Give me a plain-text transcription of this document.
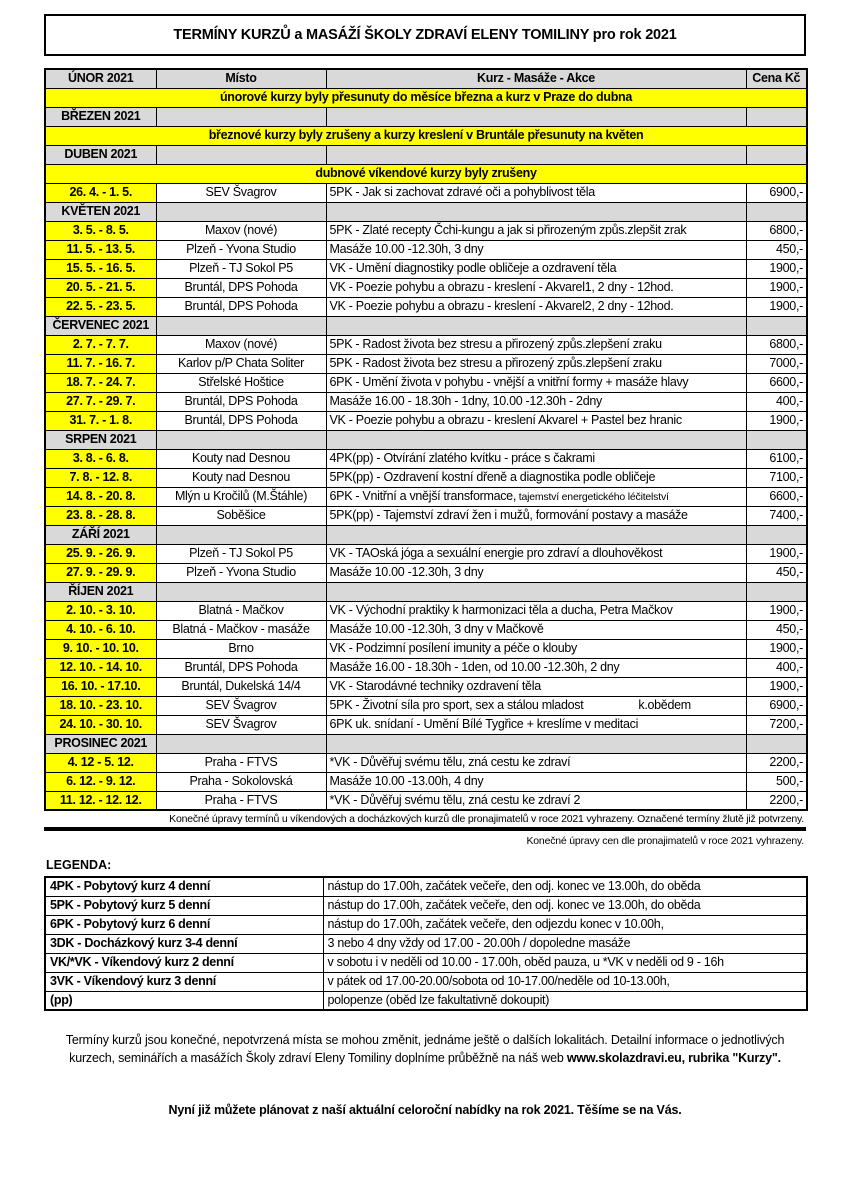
TERMÍNY KURZŮ a MASÁŽÍ ŠKOLY ZDRAVÍ ELENY TOMILINY pro rok 2021
ÚNOR 2021	Místo	Kurz - Masáže - Akce	Cena Kč
únorové kurzy byly přesunuty do měsíce března a kurz v Praze do dubna			
BŘEZEN 2021			
březnové kurzy byly zrušeny a kurzy kreslení v Bruntále přesunuty na květen			
DUBEN 2021			
dubnové víkendové kurzy byly zrušeny			
26. 4. - 1. 5.	SEV Švagrov	5PK - Jak si zachovat zdravé oči a pohyblivost těla	6900,-
KVĚTEN 2021			
3. 5. - 8. 5.	Maxov (nové)	5PK - Zlaté recepty Čchi-kungu a jak si přirozeným způs.zlepšit zrak	6800,-
11. 5. - 13. 5.	Plzeň - Yvona Studio	Masáže 10.00 -12.30h, 3 dny	450,-
15. 5. - 16. 5.	Plzeň - TJ Sokol P5	VK - Umění diagnostiky podle obličeje a ozdravení těla	1900,-
20. 5. - 21. 5.	Bruntál, DPS Pohoda	VK - Poezie pohybu a obrazu - kreslení - Akvarel1, 2 dny - 12hod.	1900,-
22. 5. - 23. 5.	Bruntál, DPS Pohoda	VK - Poezie pohybu a obrazu - kreslení - Akvarel2, 2 dny - 12hod.	1900,-
ČERVENEC 2021			
2. 7. - 7. 7.	Maxov (nové)	5PK - Radost života bez stresu a přirozený způs.zlepšení zraku	6800,-
11. 7. - 16. 7.	Karlov p/P Chata Soliter	5PK - Radost života bez stresu a přirozený způs.zlepšení zraku	7000,-
18. 7. - 24. 7.	Střelské Hoštice	6PK - Umění života v pohybu - vnější a vnitřní formy + masáže hlavy	6600,-
27. 7. - 29. 7.	Bruntál, DPS Pohoda	Masáže 16.00 - 18.30h - 1dny, 10.00 -12.30h - 2dny	400,-
31. 7. - 1. 8.	Bruntál, DPS Pohoda	VK - Poezie pohybu a obrazu - kreslení Akvarel + Pastel bez hranic	1900,-
SRPEN 2021			
3. 8. - 6. 8.	Kouty nad Desnou	4PK(pp) - Otvírání zlatého kvítku - práce s čakrami	6100,-
7. 8. - 12. 8.	Kouty nad Desnou	5PK(pp) - Ozdravení kostní dřeně a diagnostika podle obličeje	7100,-
14. 8. - 20. 8.	Mlýn u Kročilů (M.Štáhle)	6PK - Vnitřní a vnější transformace, tajemství energetického léčitelství	6600,-
23. 8. - 28. 8.	Soběšice	5PK(pp) - Tajemství zdraví žen i mužů, formování postavy a masáže	7400,-
ZÁŘÍ 2021			
25. 9. - 26. 9.	Plzeň - TJ Sokol P5	VK - TAOská jóga a sexuální energie pro zdraví a dlouhověkost	1900,-
27. 9. - 29. 9.	Plzeň - Yvona Studio	Masáže 10.00 -12.30h, 3 dny	450,-
ŘÍJEN 2021			
2. 10. - 3. 10.	Blatná - Mačkov	VK - Východní praktiky k harmonizaci těla a ducha, Petra Mačkov	1900,-
4. 10. - 6. 10.	Blatná - Mačkov - masáže	Masáže 10.00 -12.30h, 3 dny v Mačkově	450,-
9. 10. - 10. 10.	Brno	VK - Podzimní posílení imunity a péče o klouby	1900,-
12. 10. - 14. 10.	Bruntál, DPS Pohoda	Masáže 16.00 - 18.30h - 1den, od 10.00 -12.30h, 2 dny	400,-
16. 10. - 17.10.	Bruntál, Dukelská 14/4	VK - Starodávné techniky ozdravení těla	1900,-
18. 10. - 23. 10.	SEV Švagrov	5PK - Životní síla pro sport, sex a stálou mladost k.obědem	6900,-
24. 10. - 30. 10.	SEV Švagrov	6PK uk. snídaní - Umění Bílé Tygřice + kreslíme v meditaci	7200,-
PROSINEC 2021			
4. 12 - 5. 12.	Praha - FTVS	*VK - Důvěřuj svému tělu, zná cestu ke zdraví	2200,-
6. 12. - 9. 12.	Praha - Sokolovská	Masáže 10.00 -13.00h, 4 dny	500,-
11. 12. - 12. 12.	Praha - FTVS	*VK - Důvěřuj svému tělu, zná cestu ke zdraví 2	2200,-
Konečné úpravy termínů u víkendových a docházkových kurzů dle pronajimatelů v roce 2021 vyhrazeny. Označené termíny žlutě již potvrzeny.
Konečné úpravy cen dle pronajimatelů v roce 2021 vyhrazeny.
LEGENDA:
4PK - Pobytový kurz 4 denní	nástup do 17.00h, začátek večeře, den odj. konec ve 13.00h, do oběda
5PK - Pobytový kurz 5 denní	nástup do 17.00h, začátek večeře, den odj. konec ve 13.00h, do oběda
6PK - Pobytový kurz 6 denní	nástup do 17.00h, začátek večeře, den odjezdu konec v 10.00h,
3DK - Docházkový kurz 3-4 denní	3 nebo 4 dny vždy od 17.00 - 20.00h / dopoledne masáže
VK/*VK - Víkendový kurz 2 denní	v sobotu i v neděli od 10.00 - 17.00h, oběd pauza, u *VK v neděli od 9 - 16h
3VK - Víkendový kurz 3 denní	v pátek od 17.00-20.00/sobota od 10-17.00/neděle od 10-13.00h,
(pp)	polopenze (oběd lze fakultativně dokoupit)
Termíny kurzů jsou konečné, nepotvrzená místa se mohou změnit, jednáme ještě o dalších lokalitách. Detailní informace o jednotlivých kurzech, seminářích a masážích Školy zdraví Eleny Tomiliny doplníme průběžně na náš web www.skolazdravi.eu, rubrika "Kurzy".
Nyní již můžete plánovat z naší aktuální celoroční nabídky na rok 2021. Těšíme se na Vás.
